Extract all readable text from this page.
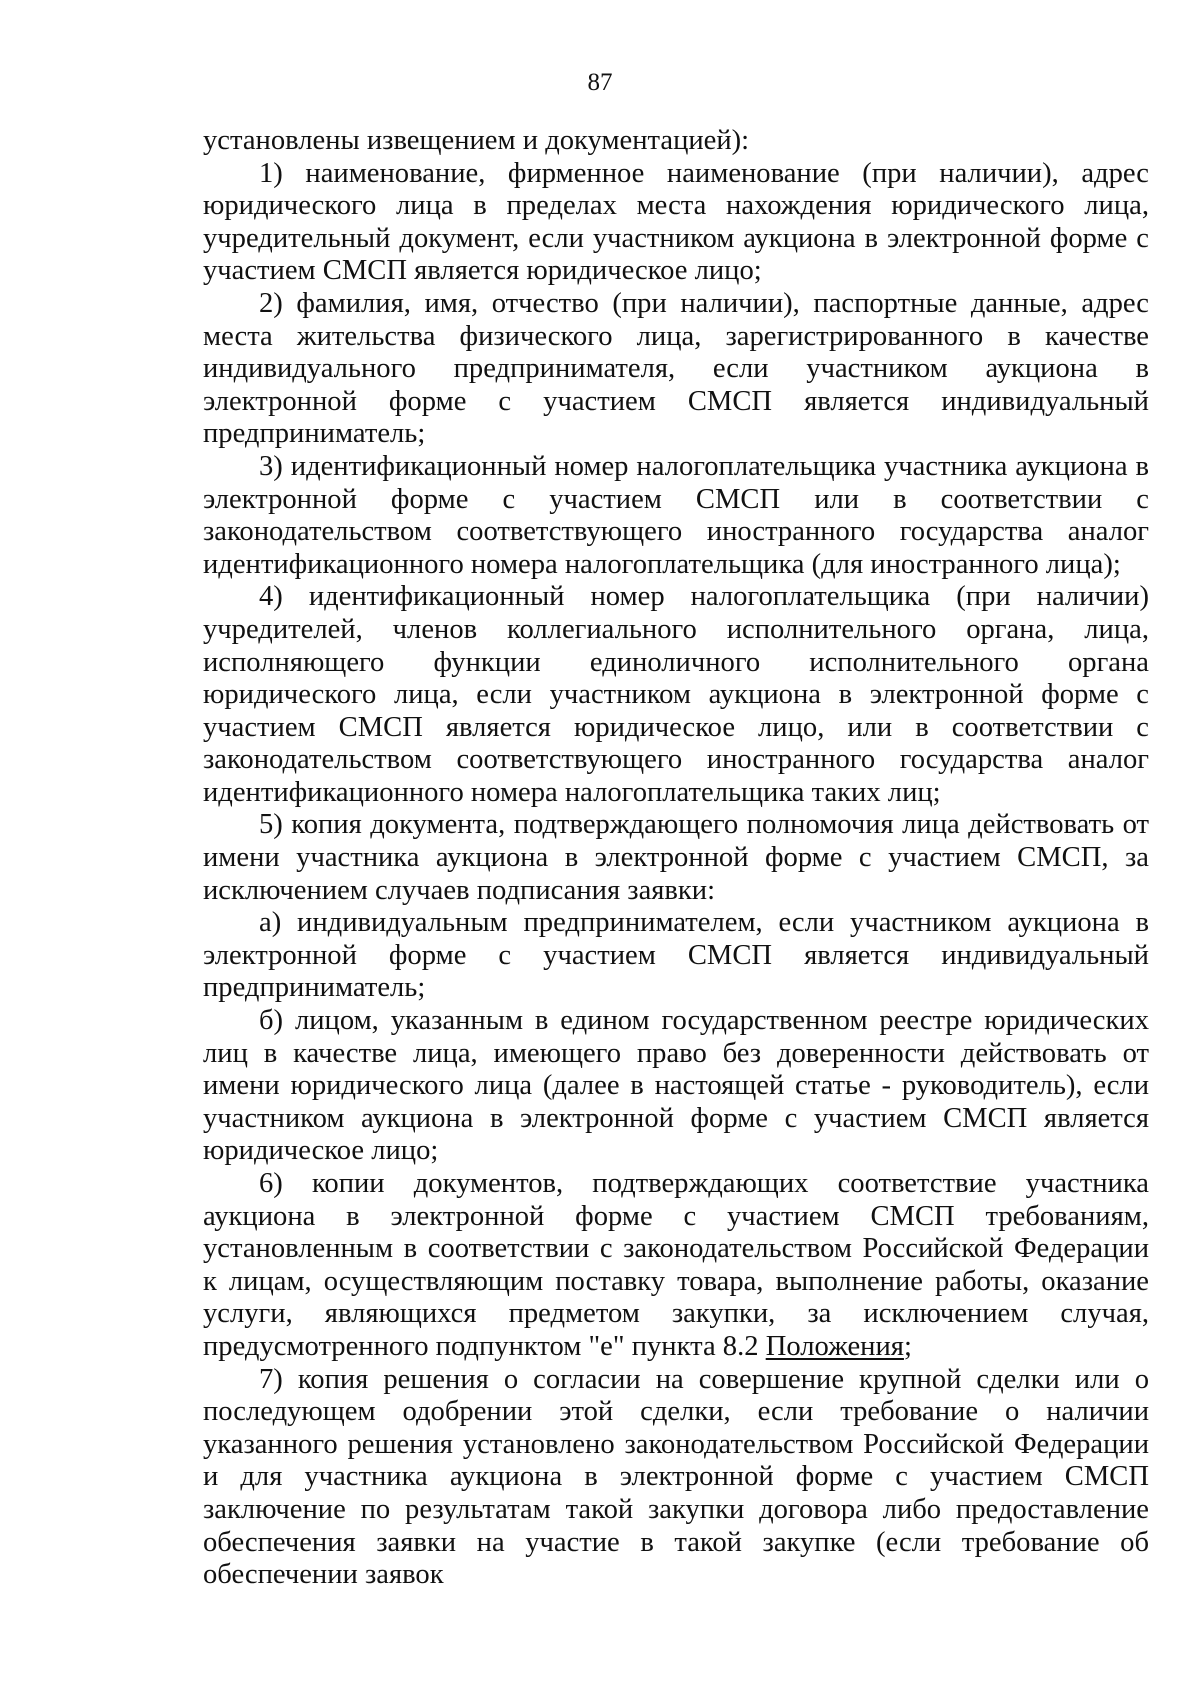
87

установлены извещением и документацией):

1) наименование, фирменное наименование (при наличии), адрес юридического лица в пределах места нахождения юридического лица, учредительный документ, если участником аукциона в электронной форме с участием СМСП является юридическое лицо;

2) фамилия, имя, отчество (при наличии), паспортные данные, адрес места жительства физического лица, зарегистрированного в качестве индивидуального предпринимателя, если участником аукциона в электронной форме с участием СМСП является индивидуальный предприниматель;

3) идентификационный номер налогоплательщика участника аукциона в электронной форме с участием СМСП или в соответствии с законодательством соответствующего иностранного государства аналог идентификационного номера налогоплательщика (для иностранного лица);

4) идентификационный номер налогоплательщика (при наличии) учредителей, членов коллегиального исполнительного органа, лица, исполняющего функции единоличного исполнительного органа юридического лица, если участником аукциона в электронной форме с участием СМСП является юридическое лицо, или в соответствии с законодательством соответствующего иностранного государства аналог идентификационного номера налогоплательщика таких лиц;

5) копия документа, подтверждающего полномочия лица действовать от имени участника аукциона в электронной форме с участием СМСП, за исключением случаев подписания заявки:

а) индивидуальным предпринимателем, если участником аукциона в электронной форме с участием СМСП является индивидуальный предприниматель;

б) лицом, указанным в едином государственном реестре юридических лиц в качестве лица, имеющего право без доверенности действовать от имени юридического лица (далее в настоящей статье - руководитель), если участником аукциона в электронной форме с участием СМСП является юридическое лицо;

6) копии документов, подтверждающих соответствие участника аукциона в электронной форме с участием СМСП требованиям, установленным в соответствии с законодательством Российской Федерации к лицам, осуществляющим поставку товара, выполнение работы, оказание услуги, являющихся предметом закупки, за исключением случая, предусмотренного подпунктом "е" пункта 8.2 Положения;

7) копия решения о согласии на совершение крупной сделки или о последующем одобрении этой сделки, если требование о наличии указанного решения установлено законодательством Российской Федерации и для участника аукциона в электронной форме с участием СМСП заключение по результатам такой закупки договора либо предоставление обеспечения заявки на участие в такой закупке (если требование об обеспечении заявок
